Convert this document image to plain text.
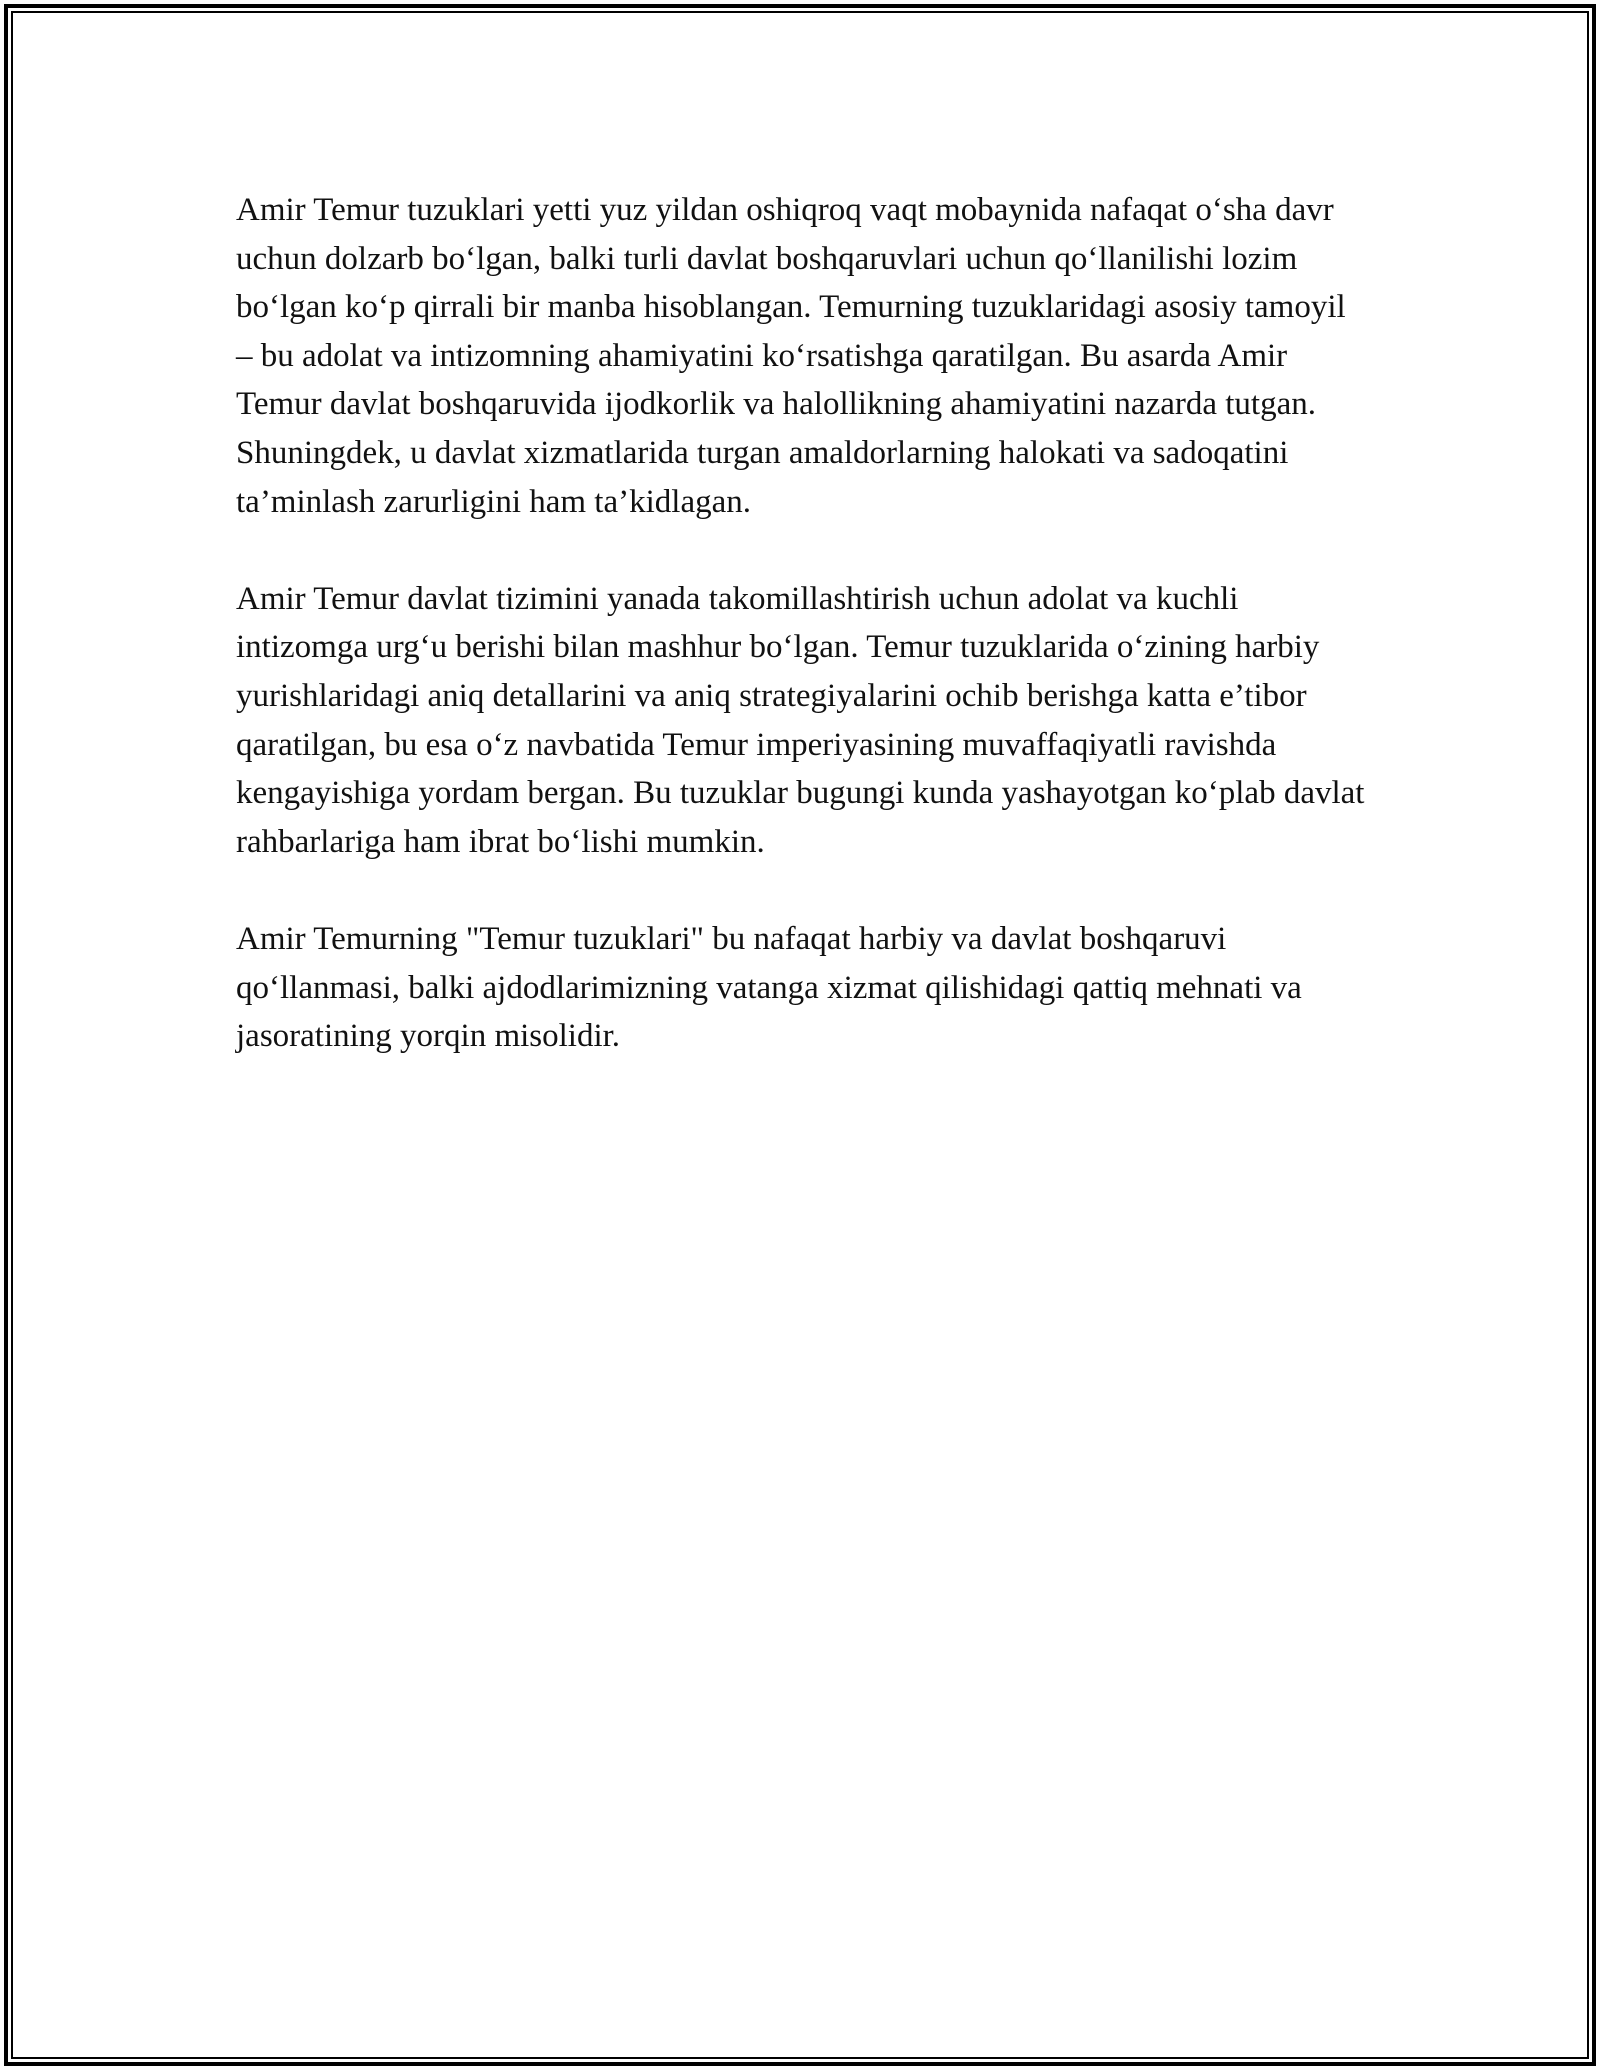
Amir Temur tuzuklari yetti yuz yildan oshiqroq vaqt mobaynida nafaqat o‘sha davr uchun dolzarb bo‘lgan, balki turli davlat boshqaruvlari uchun qo‘llanilishi lozim bo‘lgan ko‘p qirrali bir manba hisoblangan. Temurning tuzuklaridagi asosiy tamoyil – bu adolat va intizomning ahamiyatini ko‘rsatishga qaratilgan. Bu asarda Amir Temur davlat boshqaruvida ijodkorlik va halollikning ahamiyatini nazarda tutgan. Shuningdek, u davlat xizmatlarida turgan amaldorlarning halokati va sadoqatini ta’minlash zarurligini ham ta’kidlagan.

Amir Temur davlat tizimini yanada takomillashtirish uchun adolat va kuchli intizomga urg‘u berishi bilan mashhur bo‘lgan. Temur tuzuklarida o‘zining harbiy yurishlaridagi aniq detallarini va aniq strategiyalarini ochib berishga katta e’tibor qaratilgan, bu esa o‘z navbatida Temur imperiyasining muvaffaqiyatli ravishda kengayishiga yordam bergan. Bu tuzuklar bugungi kunda yashayotgan ko‘plab davlat rahbarlariga ham ibrat bo‘lishi mumkin.

Amir Temurning "Temur tuzuklari" bu nafaqat harbiy va davlat boshqaruvi qo‘llanmasi, balki ajdodlarimizning vatanga xizmat qilishidagi qattiq mehnati va jasoratining yorqin misolidir.
